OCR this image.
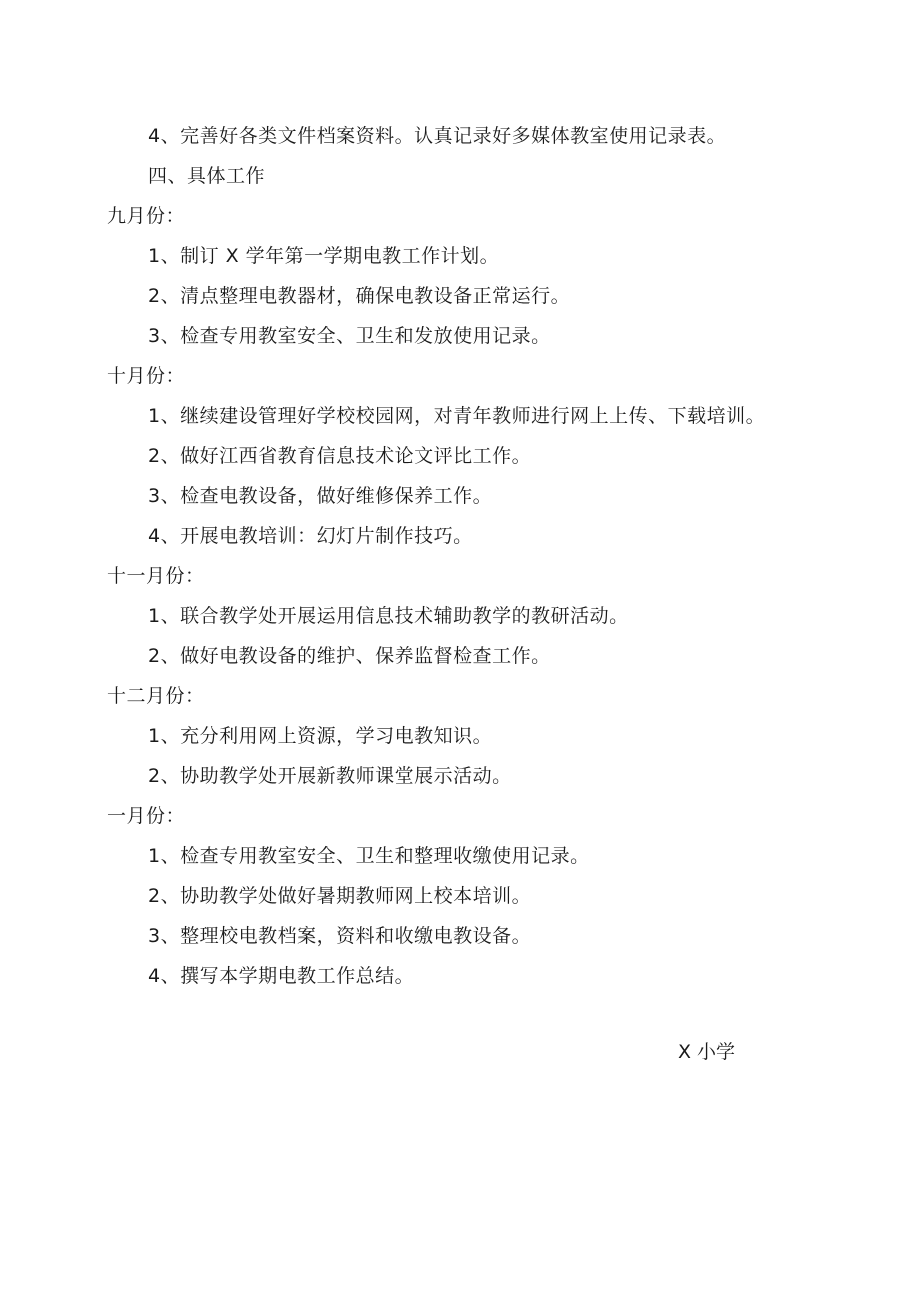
4、完善好各类文件档案资料。认真记录好多媒体教室使用记录表。
四、具体工作
九月份：
1、制订 X 学年第一学期电教工作计划。
2、清点整理电教器材，确保电教设备正常运行。
3、检查专用教室安全、卫生和发放使用记录。
十月份：
1、继续建设管理好学校校园网，对青年教师进行网上上传、下载培训。
2、做好江西省教育信息技术论文评比工作。
3、检查电教设备，做好维修保养工作。
4、开展电教培训：幻灯片制作技巧。
十一月份：
1、联合教学处开展运用信息技术辅助教学的教研活动。
2、做好电教设备的维护、保养监督检查工作。
十二月份：
1、充分利用网上资源，学习电教知识。
2、协助教学处开展新教师课堂展示活动。
一月份：
1、检查专用教室安全、卫生和整理收缴使用记录。
2、协助教学处做好暑期教师网上校本培训。
3、整理校电教档案，资料和收缴电教设备。
4、撰写本学期电教工作总结。
X 小学
